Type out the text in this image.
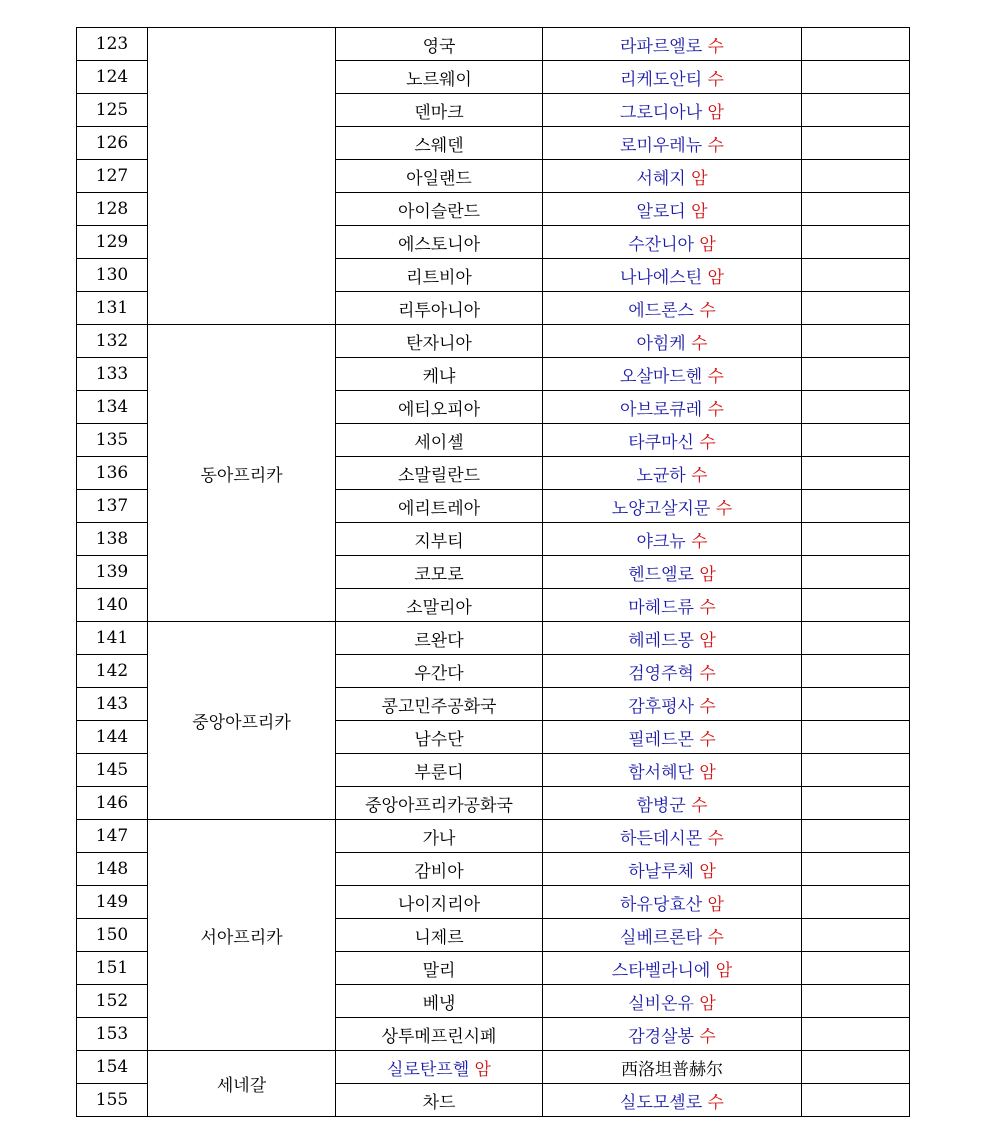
123		영국	라파르엘로 수	
124		노르웨이	리케도안티 수	
125		덴마크	그로디아나 암	
126		스웨덴	로미우레뉴 수	
127		아일랜드	서혜지 암	
128		아이슬란드	알로디 암	
129		에스토니아	수잔니아 암	
130		리트비아	나나에스틴 암	
131		리투아니아	에드론스 수	
132	동아프리카	탄자니아	아힘케 수	
133		케냐	오살마드헨 수	
134		에티오피아	아브로큐레 수	
135		세이셸	타쿠마신 수	
136		소말릴란드	노균하 수	
137		에리트레아	노양고살지문 수	
138		지부티	야크뉴 수	
139		코모로	헨드엘로 암	
140		소말리아	마헤드류 수	
141	중앙아프리카	르완다	헤레드몽 암	
142		우간다	검영주혁 수	
143		콩고민주공화국	감후평사 수	
144		남수단	필레드몬 수	
145		부룬디	함서혜단 암	
146		중앙아프리카공화국	함병군 수	
147	서아프리카	가나	하든데시몬 수	
148		감비아	하날루체 암	
149		나이지리아	하유당효산 암	
150		니제르	실베르론타 수	
151		말리	스타벨라니에 암	
152		베냉	실비온유 암	
153		상투메프린시페	감경살봉 수	
154	세네갈	실로탄프헬 암	西洛坦普赫尔	
155		차드	실도모셸로 수	
